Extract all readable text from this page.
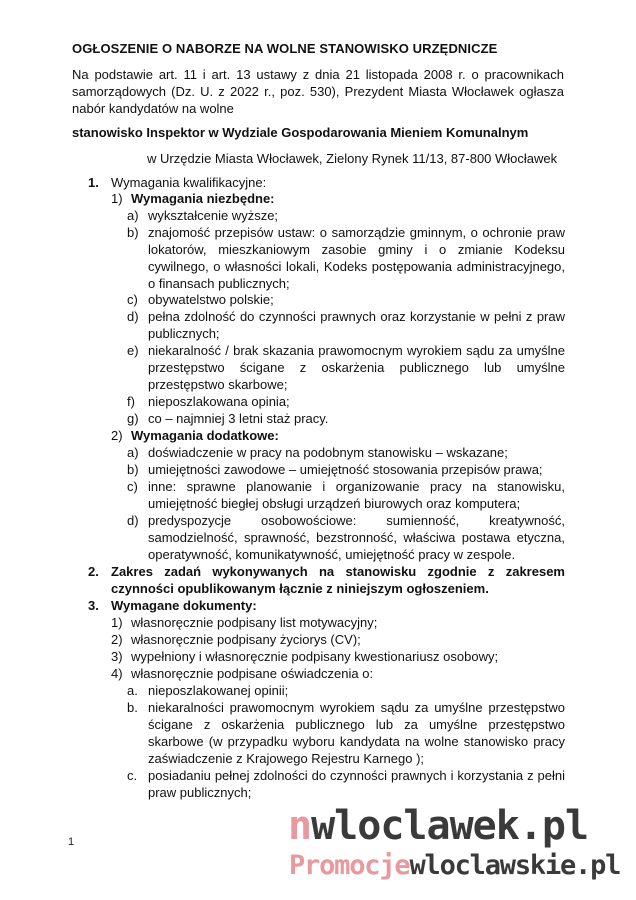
OGŁOSZENIE O NABORZE NA WOLNE STANOWISKO URZĘDNICZE
Na podstawie art. 11 i art. 13 ustawy z dnia 21 listopada 2008 r. o pracownikach samorządowych (Dz. U. z 2022 r., poz. 530), Prezydent Miasta Włocławek ogłasza nabór kandydatów na wolne
stanowisko Inspektor w Wydziale Gospodarowania Mieniem Komunalnym
w Urzędzie Miasta Włocławek, Zielony Rynek 11/13, 87-800 Włocławek
1. Wymagania kwalifikacyjne:
1) Wymagania niezbędne:
a) wykształcenie wyższe;
b) znajomość przepisów ustaw: o samorządzie gminnym, o ochronie praw lokatorów, mieszkaniowym zasobie gminy i o zmianie Kodeksu cywilnego, o własności lokali, Kodeks postępowania administracyjnego, o finansach publicznych;
c) obywatelstwo polskie;
d) pełna zdolność do czynności prawnych oraz korzystanie w pełni z praw publicznych;
e) niekaralność / brak skazania prawomocnym wyrokiem sądu za umyślne przestępstwo ścigane z oskarżenia publicznego lub umyślne przestępstwo skarbowe;
f) nieposzlakowana opinia;
g) co – najmniej 3 letni staż pracy.
2) Wymagania dodatkowe:
a) doświadczenie w pracy na podobnym stanowisku – wskazane;
b) umiejętności zawodowe – umiejętność stosowania przepisów prawa;
c) inne: sprawne planowanie i organizowanie pracy na stanowisku, umiejętność biegłej obsługi urządzeń biurowych oraz komputera;
d) predyspozycje osobowościowe: sumienność, kreatywność, samodzielność, sprawność, bezstronność, właściwa postawa etyczna, operatywność, komunikatywność, umiejętność pracy w zespole.
2. Zakres zadań wykonywanych na stanowisku zgodnie z zakresem czynności opublikowanym łącznie z niniejszym ogłoszeniem.
3. Wymagane dokumenty:
1) własnoręcznie podpisany list motywacyjny;
2) własnoręcznie podpisany życiorys (CV);
3) wypełniony i własnoręcznie podpisany kwestionariusz osobowy;
4) własnoręcznie podpisane oświadczenia o:
a. nieposzlakowanej opinii;
b. niekaralności prawomocnym wyrokiem sądu za umyślne przestępstwo ścigane z oskarżenia publicznego lub za umyślne przestępstwo skarbowe (w przypadku wyboru kandydata na wolne stanowisko pracy zaświadczenie z Krajowego Rejestru Karnego );
c. posiadaniu pełnej zdolności do czynności prawnych i korzystania z pełni praw publicznych;
1	nwloclawek.pl
Promocjewloclawskie.pl
